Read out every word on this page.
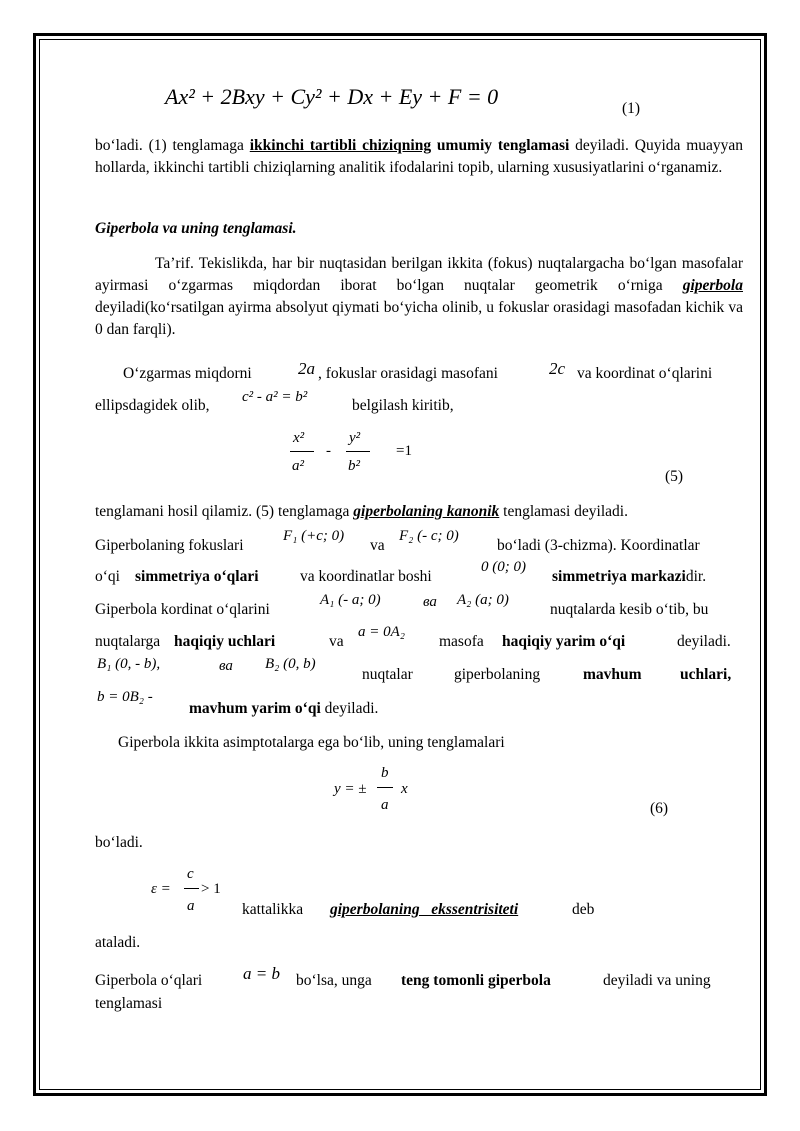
Ax² + 2Bxy + Cy² + Dx + Ey + F = 0	(1)
bo‘ladi. (1) tenglamaga ikkinchi tartibli chiziqning umumiy tenglamasi deyiladi. Quyida muayyan hollarda, ikkinchi tartibli chiziqlarning analitik ifodalarini topib, ularning xususiyatlarini o‘rganamiz.
Giperbola va uning tenglamasi.
Ta’rif. Tekislikda, har bir nuqtasidan berilgan ikkita (fokus) nuqtalargacha bo‘lgan masofalar ayirmasi o‘zgarmas miqdordan iborat bo‘lgan nuqtalar geometrik o‘rniga giperbola deyiladi(ko‘rsatilgan ayirma absolyut qiymati bo‘yicha olinib, u fokuslar orasidagi masofadan kichik va 0 dan farqli).
O‘zgarmas miqdorni	2a , fokuslar orasidagi masofani	2c va koordinat o‘qlarini
ellipsdagidek olib, c² - a² = b²	belgilash kiritib,
x²
a²
-
y²
b²
=1
(5)
tenglamani hosil qilamiz. (5) tenglamaga giperbolaning kanonik tenglamasi deyiladi.
Giperbolaning fokuslari
F₁ (+c; 0)
va
F₂ (- c; 0)
bo‘ladi (3-chizma). Koordinatlar
o‘qi simmetriya o‘qlari	va koordinatlar boshi
0 (0; 0)
simmetriya markazidir.
Giperbola kordinat o‘qlarini
A₁ (- a; 0)	ва A₂ (a; 0)
nuqtalarda kesib o‘tib, bu
nuqtalarga haqiqiy uchlari	va
a = 0A₂
masofa haqiqiy yarim o‘qi	deyiladi.
B₁ (0, - b),	ва B₂ (0, b)
nuqtalar	giperbolaning	mavhum uchlari,
b = 0B₂ -
mavhum yarim o‘qi deyiladi.
Giperbola ikkita asimptotalarga ega bo‘lib, uning tenglamalari
y = ±
b
a
x
(6)
bo‘ladi.
ε =
c
a
> 1
kattalikka giperbolaning   ekssentrisiteti	deb
ataladi.
Giperbola o‘qlari a = b bo‘lsa, unga teng tomonli giperbola	deyiladi va uning
tenglamasi
